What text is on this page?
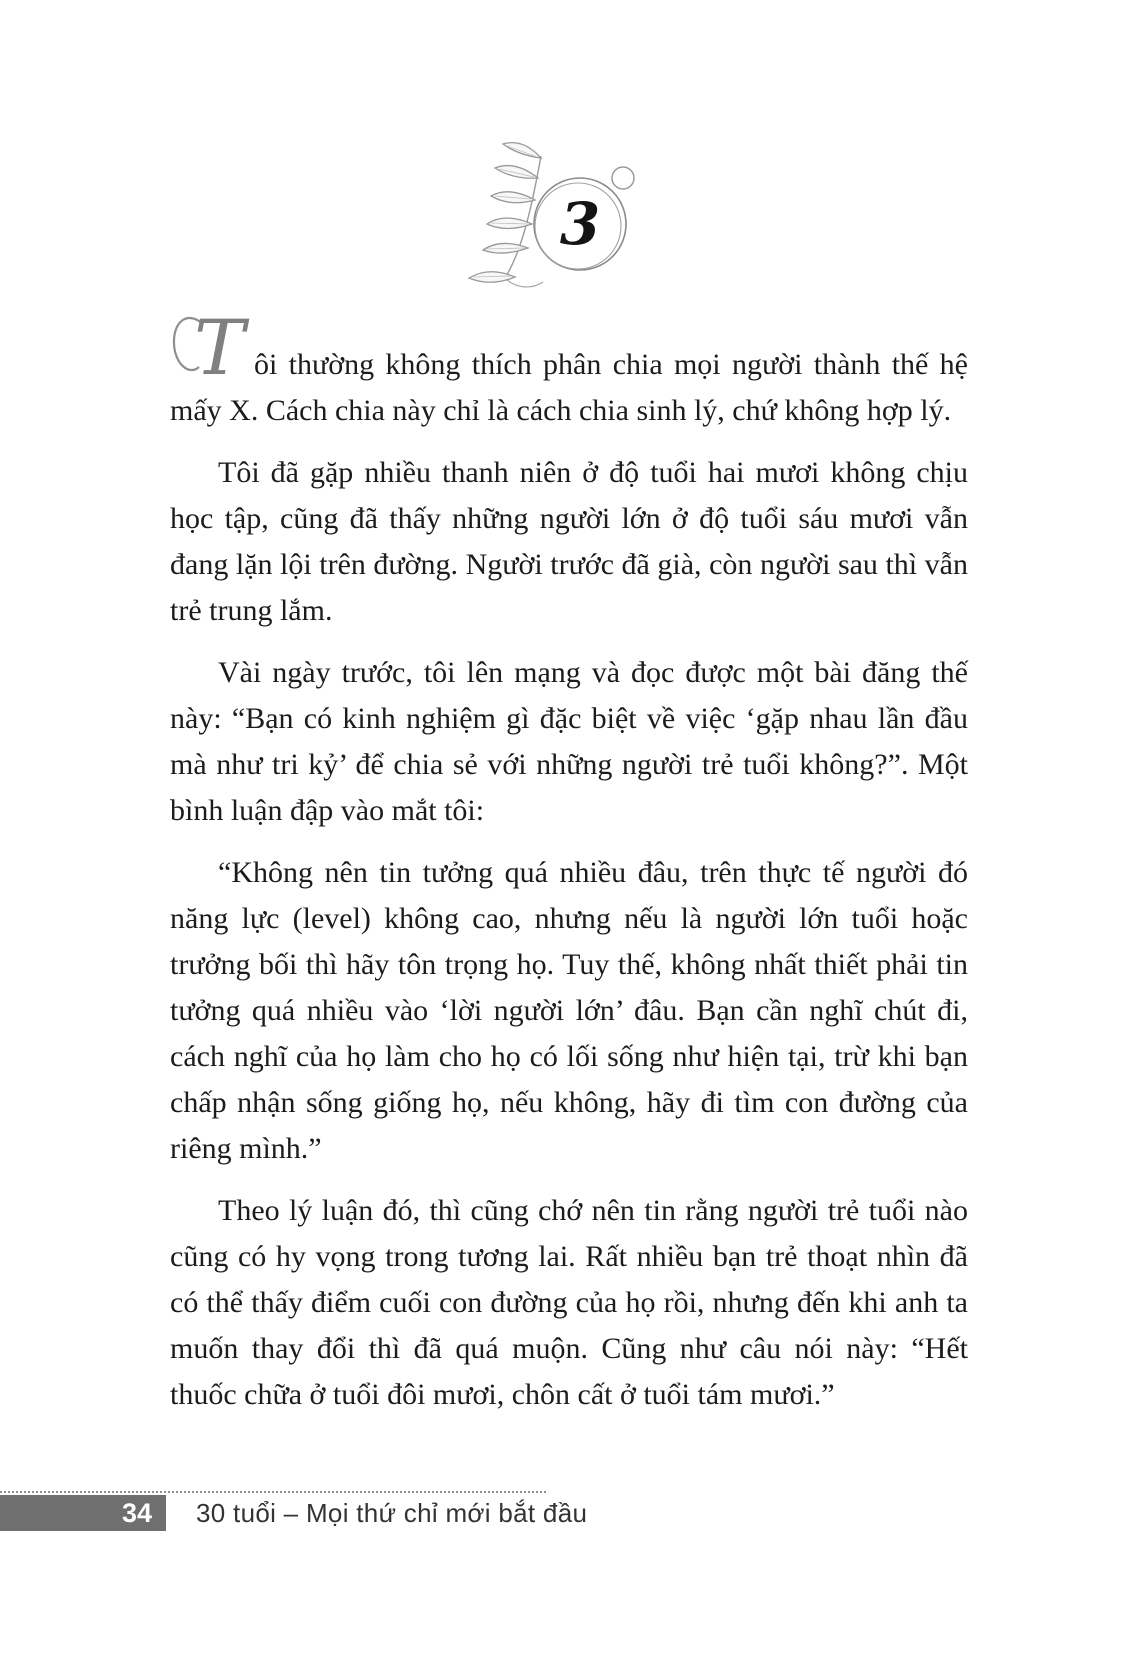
3

T ôi thường không thích phân chia mọi người thành thế hệ mấy X. Cách chia này chỉ là cách chia sinh lý, chứ không hợp lý.

Tôi đã gặp nhiều thanh niên ở độ tuổi hai mươi không chịu học tập, cũng đã thấy những người lớn ở độ tuổi sáu mươi vẫn đang lặn lội trên đường. Người trước đã già, còn người sau thì vẫn trẻ trung lắm.

Vài ngày trước, tôi lên mạng và đọc được một bài đăng thế này: “Bạn có kinh nghiệm gì đặc biệt về việc ‘gặp nhau lần đầu mà như tri kỷ’ để chia sẻ với những người trẻ tuổi không?”. Một bình luận đập vào mắt tôi:

“Không nên tin tưởng quá nhiều đâu, trên thực tế người đó năng lực (level) không cao, nhưng nếu là người lớn tuổi hoặc trưởng bối thì hãy tôn trọng họ. Tuy thế, không nhất thiết phải tin tưởng quá nhiều vào ‘lời người lớn’ đâu. Bạn cần nghĩ chút đi, cách nghĩ của họ làm cho họ có lối sống như hiện tại, trừ khi bạn chấp nhận sống giống họ, nếu không, hãy đi tìm con đường của riêng mình.”

Theo lý luận đó, thì cũng chớ nên tin rằng người trẻ tuổi nào cũng có hy vọng trong tương lai. Rất nhiều bạn trẻ thoạt nhìn đã có thể thấy điểm cuối con đường của họ rồi, nhưng đến khi anh ta muốn thay đổi thì đã quá muộn. Cũng như câu nói này: “Hết thuốc chữa ở tuổi đôi mươi, chôn cất ở tuổi tám mươi.”

34	30 tuổi – Mọi thứ chỉ mới bắt đầu
